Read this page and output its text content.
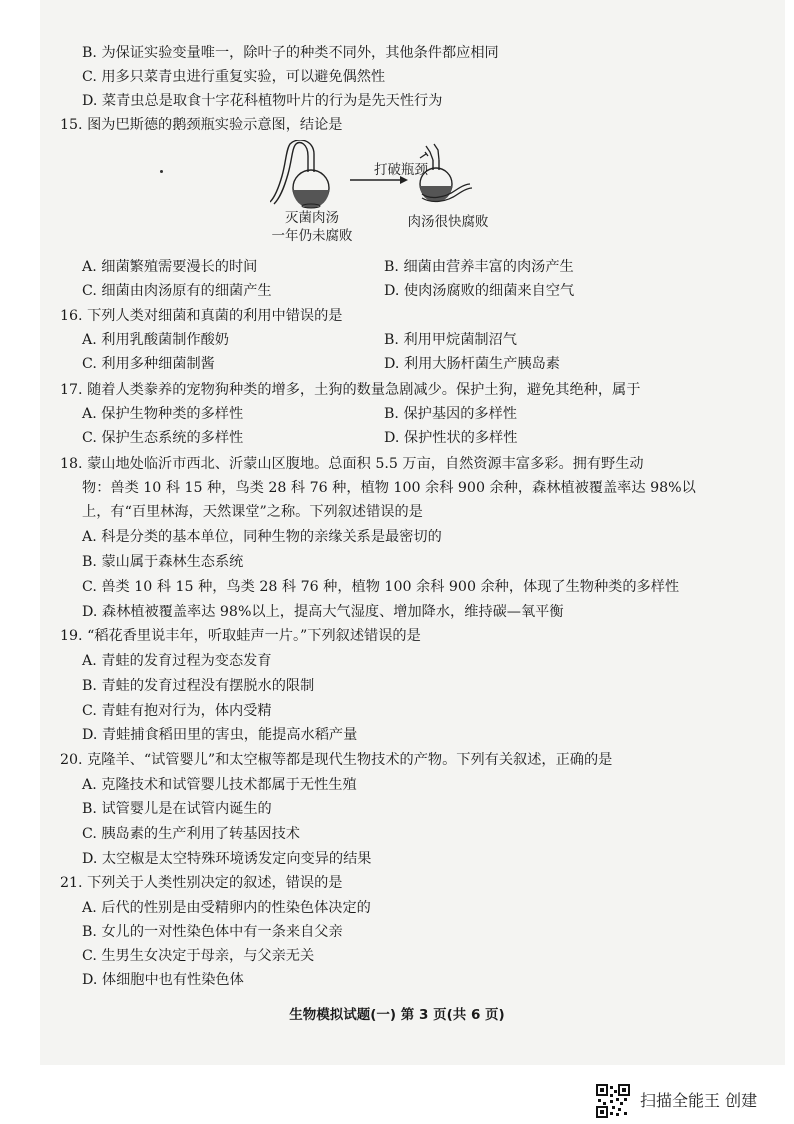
B. 为保证实验变量唯一，除叶子的种类不同外，其他条件都应相同
C. 用多只菜青虫进行重复实验，可以避免偶然性
D. 菜青虫总是取食十字花科植物叶片的行为是先天性行为
15. 图为巴斯德的鹅颈瓶实验示意图，结论是
16. 下列人类对细菌和真菌的利用中错误的是
17. 随着人类豢养的宠物狗种类的增多，土狗的数量急剧减少。保护土狗，避免其绝种，属于
18. 蒙山地处临沂市西北、沂蒙山区腹地。总面积 5.5 万亩，自然资源丰富多彩。拥有野生动
物：兽类 10 科 15 种，鸟类 28 科 76 种，植物 100 余科 900 余种，森林植被覆盖率达 98%以
上，有“百里林海，天然课堂”之称。下列叙述错误的是
A. 科是分类的基本单位，同种生物的亲缘关系是最密切的
B. 蒙山属于森林生态系统
C. 兽类 10 科 15 种，鸟类 28 科 76 种，植物 100 余科 900 余种，体现了生物种类的多样性
D. 森林植被覆盖率达 98%以上，提高大气湿度、增加降水，维持碳—氧平衡
19. “稻花香里说丰年，听取蛙声一片。”下列叙述错误的是
A. 青蛙的发育过程为变态发育
B. 青蛙的发育过程没有摆脱水的限制
C. 青蛙有抱对行为，体内受精
D. 青蛙捕食稻田里的害虫，能提高水稻产量
20. 克隆羊、“试管婴儿”和太空椒等都是现代生物技术的产物。下列有关叙述，正确的是
A. 克隆技术和试管婴儿技术都属于无性生殖
B. 试管婴儿是在试管内诞生的
C. 胰岛素的生产利用了转基因技术
D. 太空椒是太空特殊环境诱发定向变异的结果
21. 下列关于人类性别决定的叙述，错误的是
A. 后代的性别是由受精卵内的性染色体决定的
B. 女儿的一对性染色体中有一条来自父亲
C. 生男生女决定于母亲，与父亲无关
D. 体细胞中也有性染色体
A. 细菌繁殖需要漫长的时间	B. 细菌由营养丰富的肉汤产生
C. 细菌由肉汤原有的细菌产生	D. 使肉汤腐败的细菌来自空气
A. 利用乳酸菌制作酸奶	B. 利用甲烷菌制沼气
C. 利用多种细菌制酱	D. 利用大肠杆菌生产胰岛素
A. 保护生物种类的多样性	B. 保护基因的多样性
C. 保护生态系统的多样性	D. 保护性状的多样性
打破瓶颈
灭菌肉汤
一年仍未腐败
肉汤很快腐败
生物模拟试题(一) 第 3 页(共 6 页)
扫描全能王 创建
